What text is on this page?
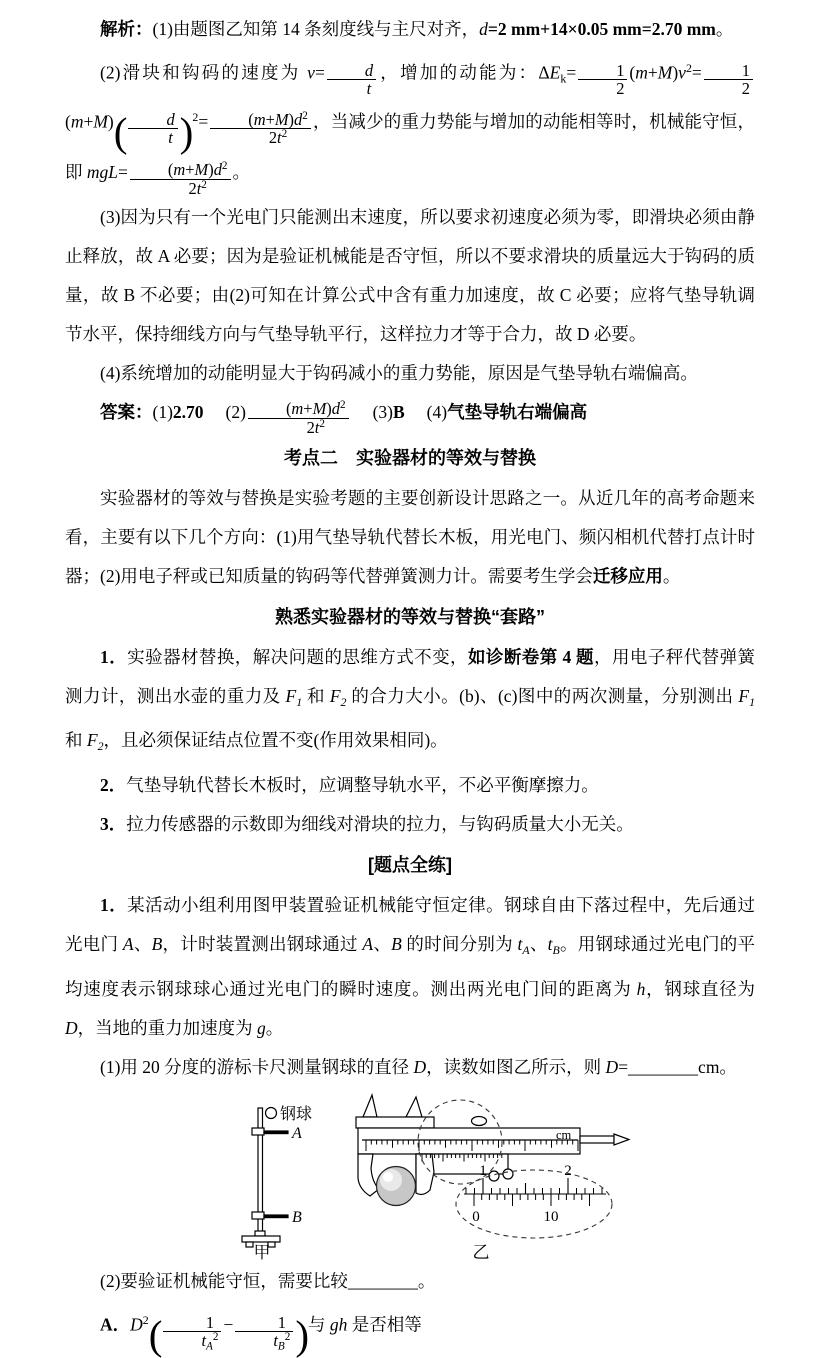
解析：(1)由题图乙知第 14 条刻度线与主尺对齐，d=2 mm+14×0.05 mm=2.70 mm。

(2)滑块和钩码的速度为 $v= \frac{d}{t}$ ，增加的动能为：$\Delta E_k= \frac{1}{2} (m+M)v^2= \frac{1}{2}$
$(m+M)( \frac{d}{t} )^2= \frac{(m+M)d^2}{2t^2}$ ，当减少的重力势能与增加的动能相等时，机械能守恒，即 $mgL= \frac{(m+M)d^2}{2t^2}$ 。

(3)因为只有一个光电门只能测出末速度，所以要求初速度必须为零，即滑块必须由静止释放，故 A 必要；因为是验证机械能是否守恒，所以不要求滑块的质量远大于钩码的质量，故 B 不必要；由(2)可知在计算公式中含有重力加速度，故 C 必要；应将气垫导轨调节水平，保持细线方向与气垫导轨平行，这样拉力才等于合力，故 D 必要。

(4)系统增加的动能明显大于钩码减小的重力势能，原因是气垫导轨右端偏高。

答案：(1)2.70 $(2) \frac{(m+M)d^2}{2t^2} (3)B$ (4)气垫导轨右端偏高

考点二　实验器材的等效与替换

实验器材的等效与替换是实验考题的主要创新设计思路之一。从近几年的高考命题来看，主要有以下几个方向：(1)用气垫导轨代替长木板，用光电门、频闪相机代替打点计时器；(2)用电子秤或已知质量的钩码等代替弹簧测力计。需要考生学会迁移应用。

熟悉实验器材的等效与替换“套路”

1．实验器材替换，解决问题的思维方式不变，如诊断卷第 4 题，用电子秤代替弹簧测力计，测出水壶的重力及 $F_1$ 和 $F_2$ 的合力大小。(b)、(c)图中的两次测量，分别测出 $F_1$ 和 $F_2$，且必须保证结点位置不变(作用效果相同)。

2．气垫导轨代替长木板时，应调整导轨水平，不必平衡摩擦力。

3．拉力传感器的示数即为细线对滑块的拉力，与钩码质量大小无关。

[题点全练]

1．某活动小组利用图甲装置验证机械能守恒定律。钢球自由下落过程中，先后通过光电门 A、B，计时装置测出钢球通过 A、B 的时间分别为 $t_A$、$t_B$。用钢球通过光电门的平均速度表示钢球球心通过光电门的瞬时速度。测出两光电门间的距离为 h，钢球直径为 D，当地的重力加速度为 g。

(1)用 20 分度的游标卡尺测量钢球的直径 D，读数如图乙所示，则 D=________cm。

钢球
A
B
甲
cm
1	2
0	10
乙

(2)要验证机械能守恒，需要比较________。

A．$D^2( \frac{1}{t_A^2} - \frac{1}{t_B^2}$ )与 gh 是否相等
